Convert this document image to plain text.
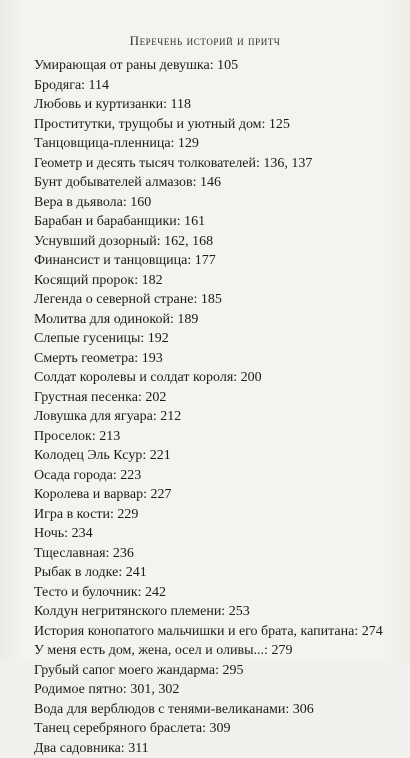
Перечень историй и притч
Умирающая от раны девушка: 105
Бродяга: 114
Любовь и куртизанки: 118
Проститутки, трущобы и уютный дом: 125
Танцовщица-пленница: 129
Геометр и десять тысяч толкователей: 136, 137
Бунт добывателей алмазов: 146
Вера в дьявола: 160
Барабан и барабанщики: 161
Уснувший дозорный: 162, 168
Финансист и танцовщица: 177
Косящий пророк: 182
Легенда о северной стране: 185
Молитва для одинокой: 189
Слепые гусеницы: 192
Смерть геометра: 193
Солдат королевы и солдат короля: 200
Грустная песенка: 202
Ловушка для ягуара: 212
Проселок: 213
Колодец Эль Ксур: 221
Осада города: 223
Королева и варвар: 227
Игра в кости: 229
Ночь: 234
Тщеславная: 236
Рыбак в лодке: 241
Тесто и булочник: 242
Колдун негритянского племени: 253
История конопатого мальчишки и его брата, капитана: 274
У меня есть дом, жена, осел и оливы...: 279
Грубый сапог моего жандарма: 295
Родимое пятно: 301, 302
Вода для верблюдов с тенями-великанами: 306
Танец серебряного браслета: 309
Два садовника: 311
